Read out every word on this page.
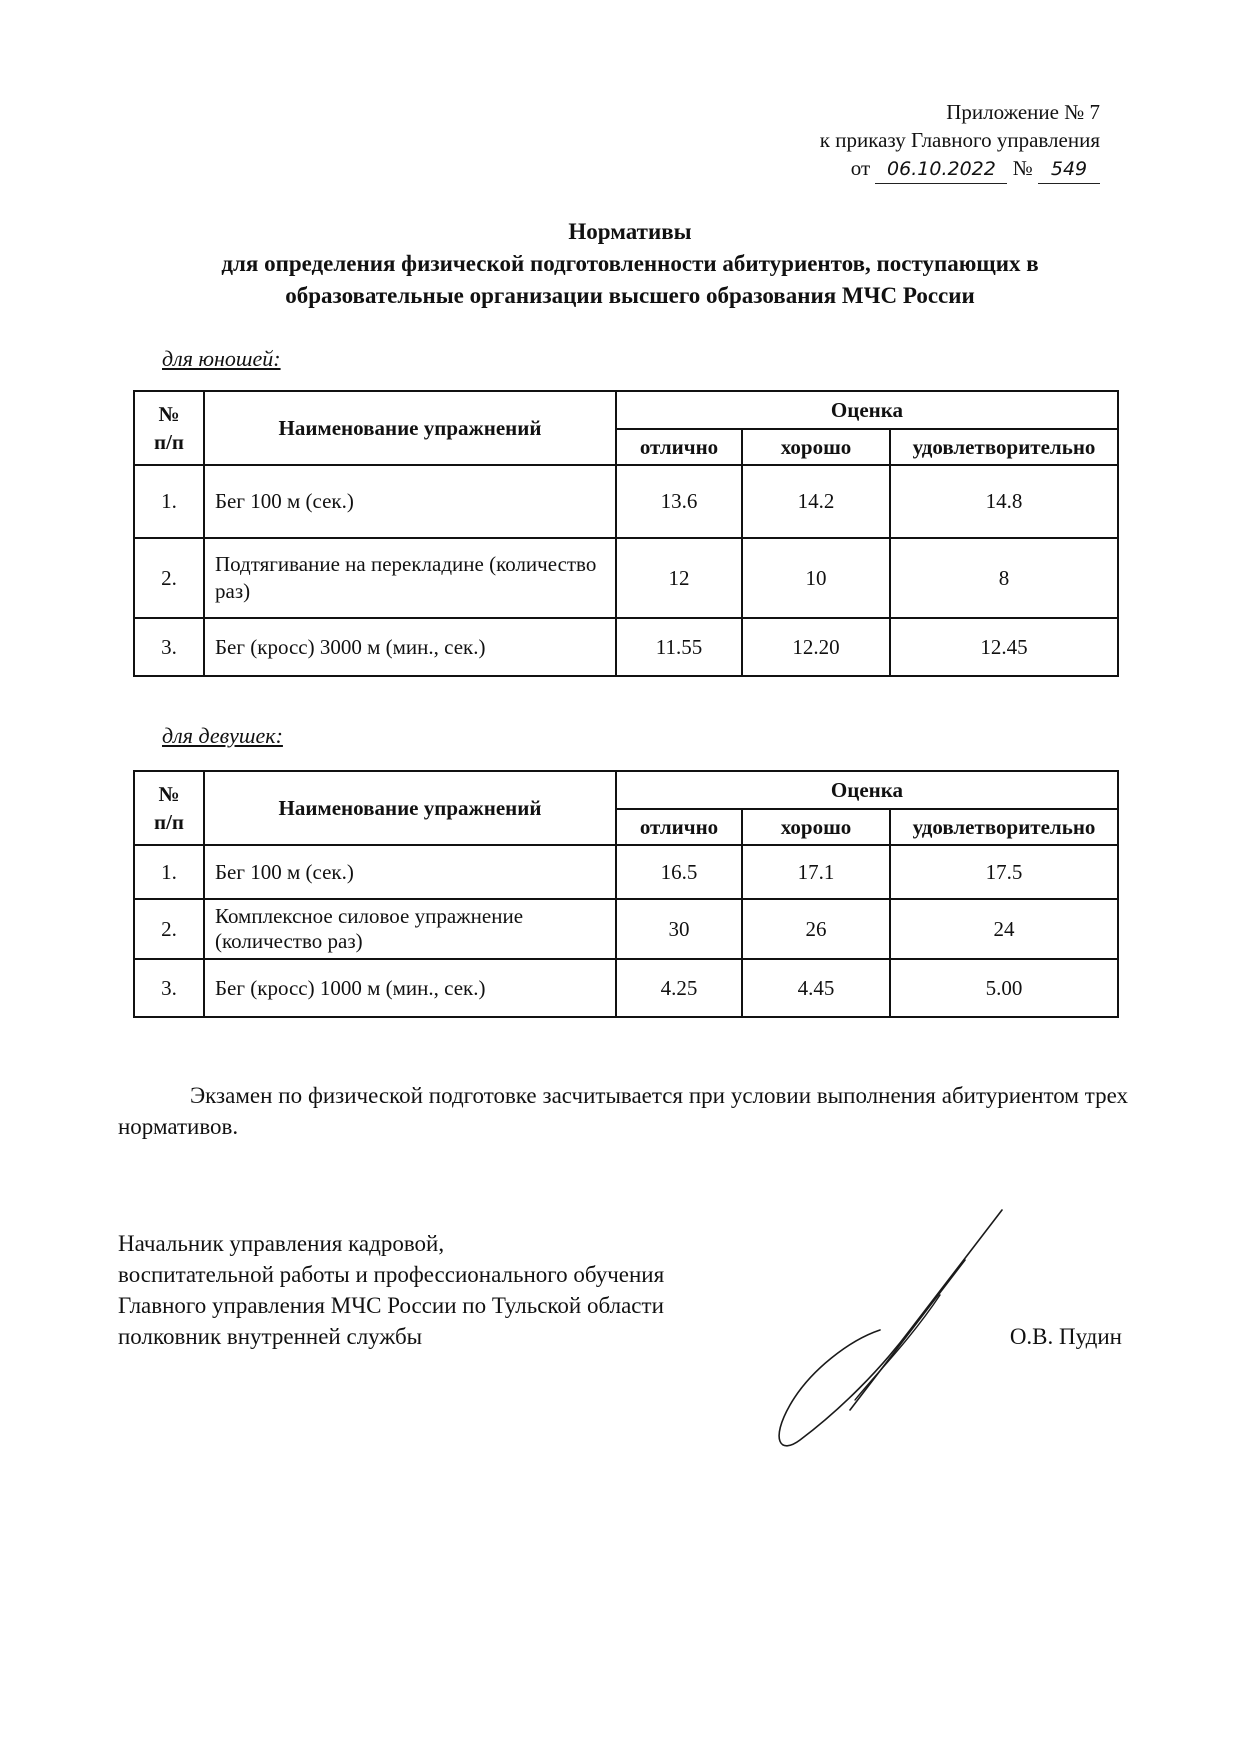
Приложение № 7
к приказу Главного управления
от 06.10.2022 № 549
Нормативы
для определения физической подготовленности абитуриентов, поступающих в
образовательные организации высшего образования МЧС России
для юношей:
№
п/п	Наименование упражнений	Оценка		
		отлично	хорошо	удовлетворительно
1.	Бег 100 м (сек.)	13.6	14.2	14.8
2.	Подтягивание на перекладине (количество раз)	12	10	8
3.	Бег (кросс) 3000 м (мин., сек.)	11.55	12.20	12.45
для девушек:
№
п/п	Наименование упражнений	Оценка		
		отлично	хорошо	удовлетворительно
1.	Бег 100 м (сек.)	16.5	17.1	17.5
2.	Комплексное силовое упражнение (количество раз)	30	26	24
3.	Бег (кросс) 1000 м (мин., сек.)	4.25	4.45	5.00
Экзамен по физической подготовке засчитывается при условии выполнения абитуриентом трех нормативов.
Начальник управления кадровой,
воспитательной работы и профессионального обучения
Главного управления МЧС России по Тульской области
полковник внутренней службы	О.В. Пудин
